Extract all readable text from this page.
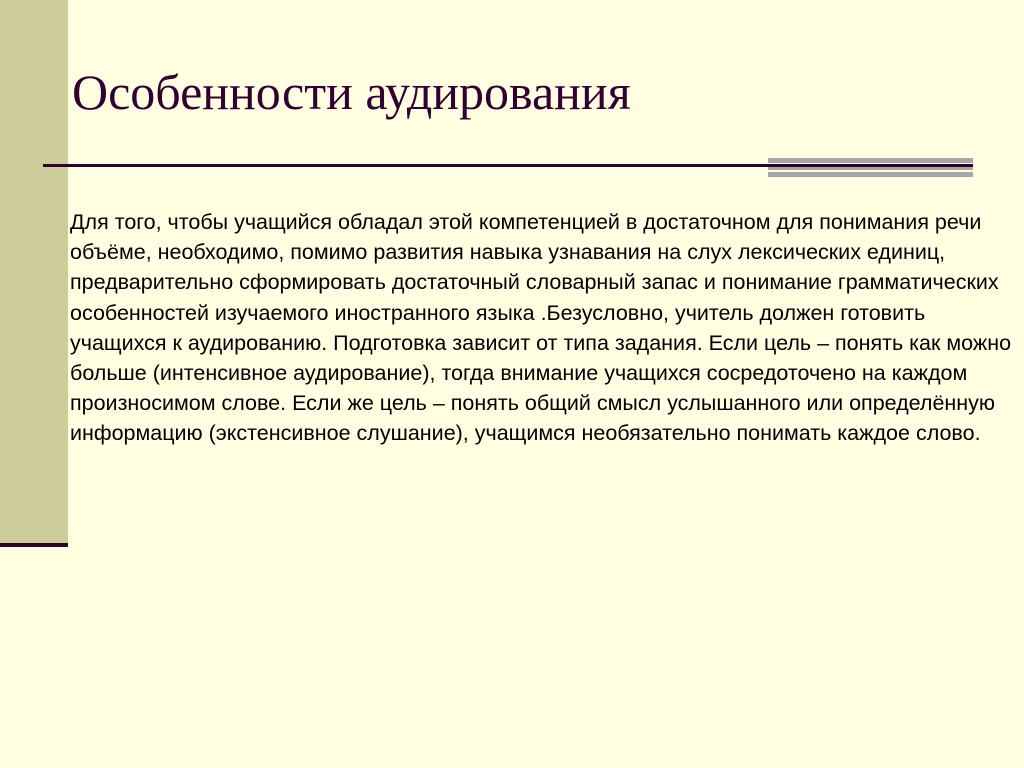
Особенности аудирования

Для того, чтобы учащийся обладал этой компетенцией в достаточном для понимания речи объёме, необходимо, помимо развития навыка узнавания на слух лексических единиц, предварительно сформировать достаточный словарный запас и понимание грамматических особенностей изучаемого иностранного языка .Безусловно, учитель должен готовить учащихся к аудированию. Подготовка зависит от типа задания. Если цель – понять как можно больше (интенсивное аудирование), тогда внимание учащихся сосредоточено на каждом произносимом слове. Если же цель – понять общий смысл услышанного или определённую информацию (экстенсивное слушание), учащимся необязательно понимать каждое слово.
